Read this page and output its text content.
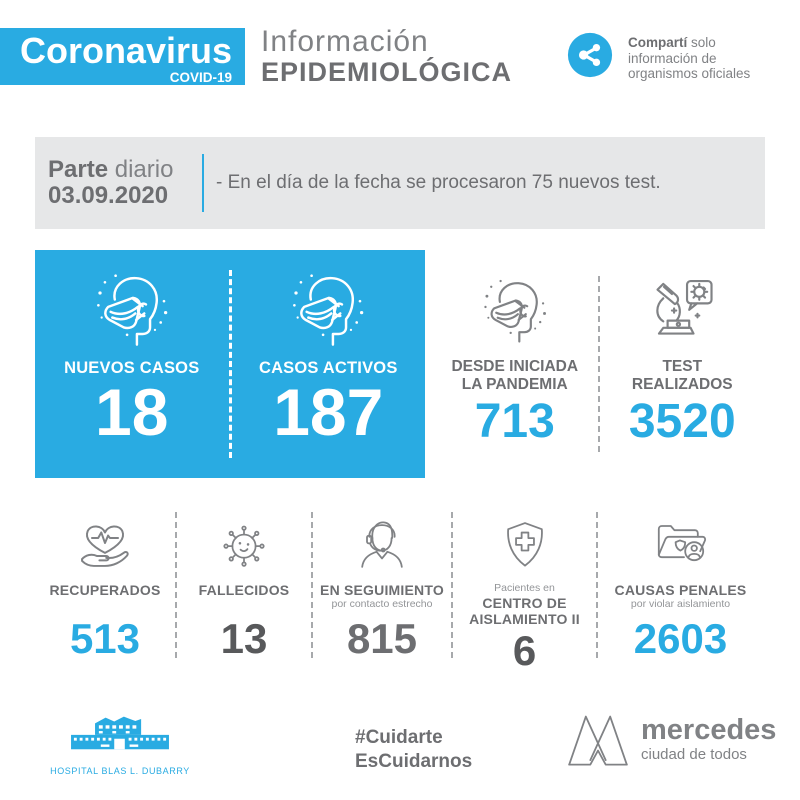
Coronavirus
COVID-19
Información
EPIDEMIOLÓGICA
Compartí solo
información de
organismos oficiales
Parte diario
03.09.2020	- En el día de la fecha se procesaron 75 nuevos test.
NUEVOS CASOS
18
CASOS ACTIVOS
187
DESDE INICIADA
LA PANDEMIA
713
TEST
REALIZADOS
3520
RECUPERADOS
513
FALLECIDOS
13
EN SEGUIMIENTO
por contacto estrecho
815
Pacientes en
CENTRO DE
AISLAMIENTO II
6
CAUSAS PENALES
por violar aislamiento
2603
HOSPITAL BLAS L. DUBARRY
#Cuidarte
EsCuidarnos
mercedes
ciudad de todos
